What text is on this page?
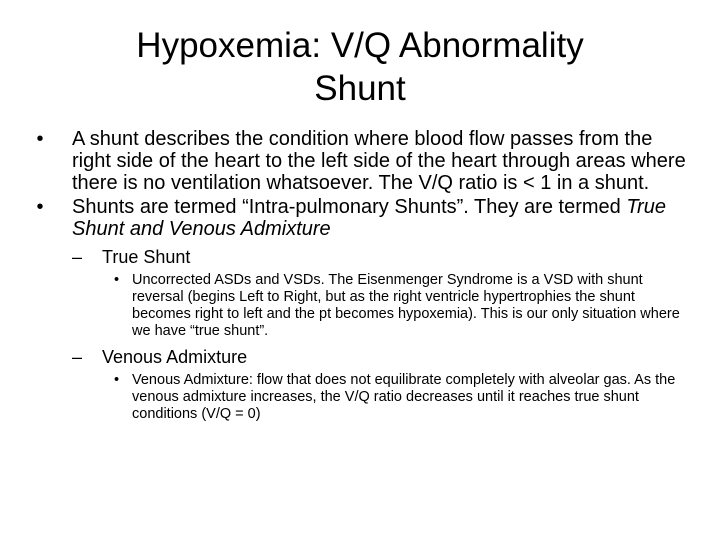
Hypoxemia: V/Q Abnormality
Shunt

•	A shunt describes the condition where blood flow passes from the right side of the heart to the left side of the heart through areas where there is no ventilation whatsoever. The V/Q ratio is < 1 in a shunt.

•	Shunts are termed “Intra-pulmonary Shunts”. They are termed True Shunt and Venous Admixture

– True Shunt

• Uncorrected ASDs and VSDs. The Eisenmenger Syndrome is a VSD with shunt reversal (begins Left to Right, but as the right ventricle hypertrophies the shunt becomes right to left and the pt becomes hypoxemia). This is our only situation where we have “true shunt”.

– Venous Admixture

• Venous Admixture: flow that does not equilibrate completely with alveolar gas. As the venous admixture increases, the V/Q ratio decreases until it reaches true shunt conditions (V/Q = 0)
